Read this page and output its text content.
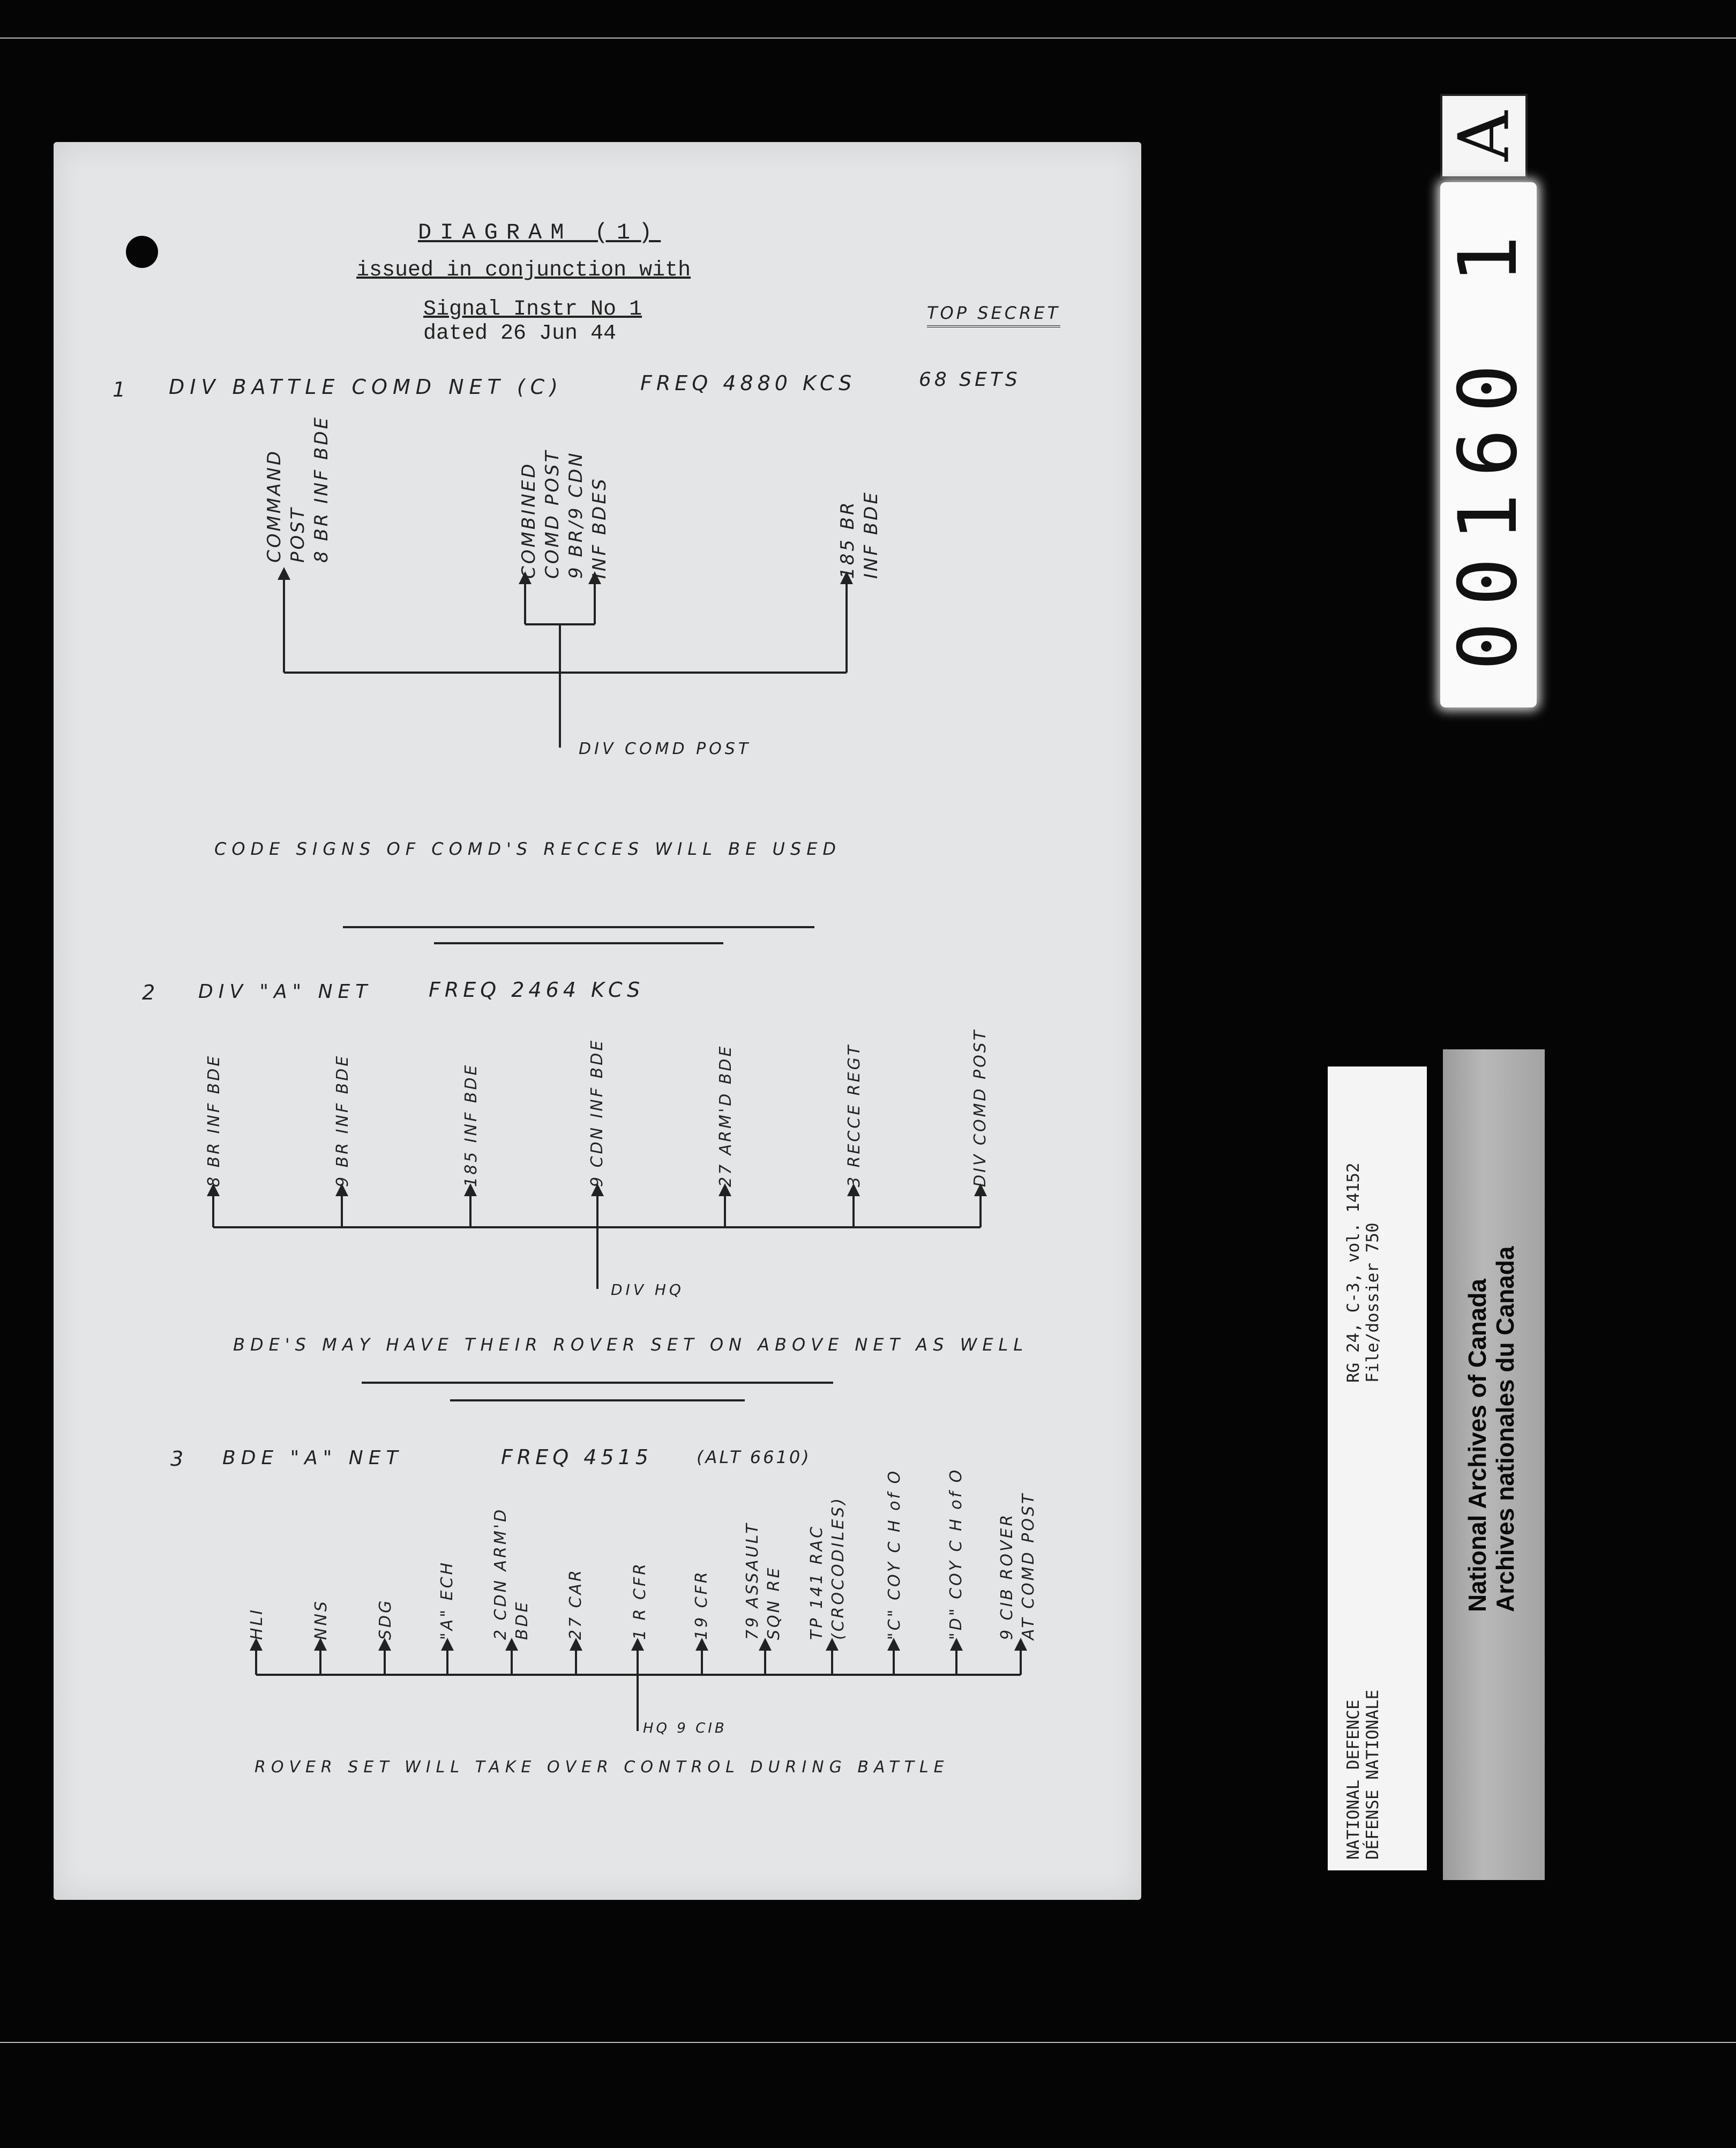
DIAGRAM (1)
issued in conjunction with
Signal Instr No 1
dated 26 Jun 44
TOP SECRET
1 DIV BATTLE COMD NET (C)	FREQ 4880 KCS	68 SETS
COMMAND POST 8 BR INF BDE	COMBINED COMD POST 9 BR/9 CDN INF BDES	185 BR INF BDE
DIV COMD POST
CODE SIGNS OF COMD'S RECCES WILL BE USED
2 DIV "A" NET	FREQ 2464 KCS
8 BR INF BDE	9 BR INF BDE	185 INF BDE	9 CDN INF BDE	27 ARM'D BDE	3 RECCE REGT	DIV COMD POST
DIV HQ
BDE'S MAY HAVE THEIR ROVER SET ON ABOVE NET AS WELL
3 BDE "A" NET	FREQ 4515	(ALT 6610)
HLI	NNS	SDG	"A" ECH 2 CDN ARM'D BDE 27 CAR	1 R CFR	19 CFR 79 ASSAULT SQN RE TP 141 RAC (CROCODILES) "C" COY C H of O	"D" COY C H of O 9 CIB ROVER AT COMD POST
HQ 9 CIB
ROVER SET WILL TAKE OVER CONTROL DURING BATTLE
A
00160 1
NATIONAL DEFENCE DÉFENSE NATIONALE
RG 24, C-3, vol. 14152 File/dossier 750	National Archives of Canada Archives nationales du Canada
